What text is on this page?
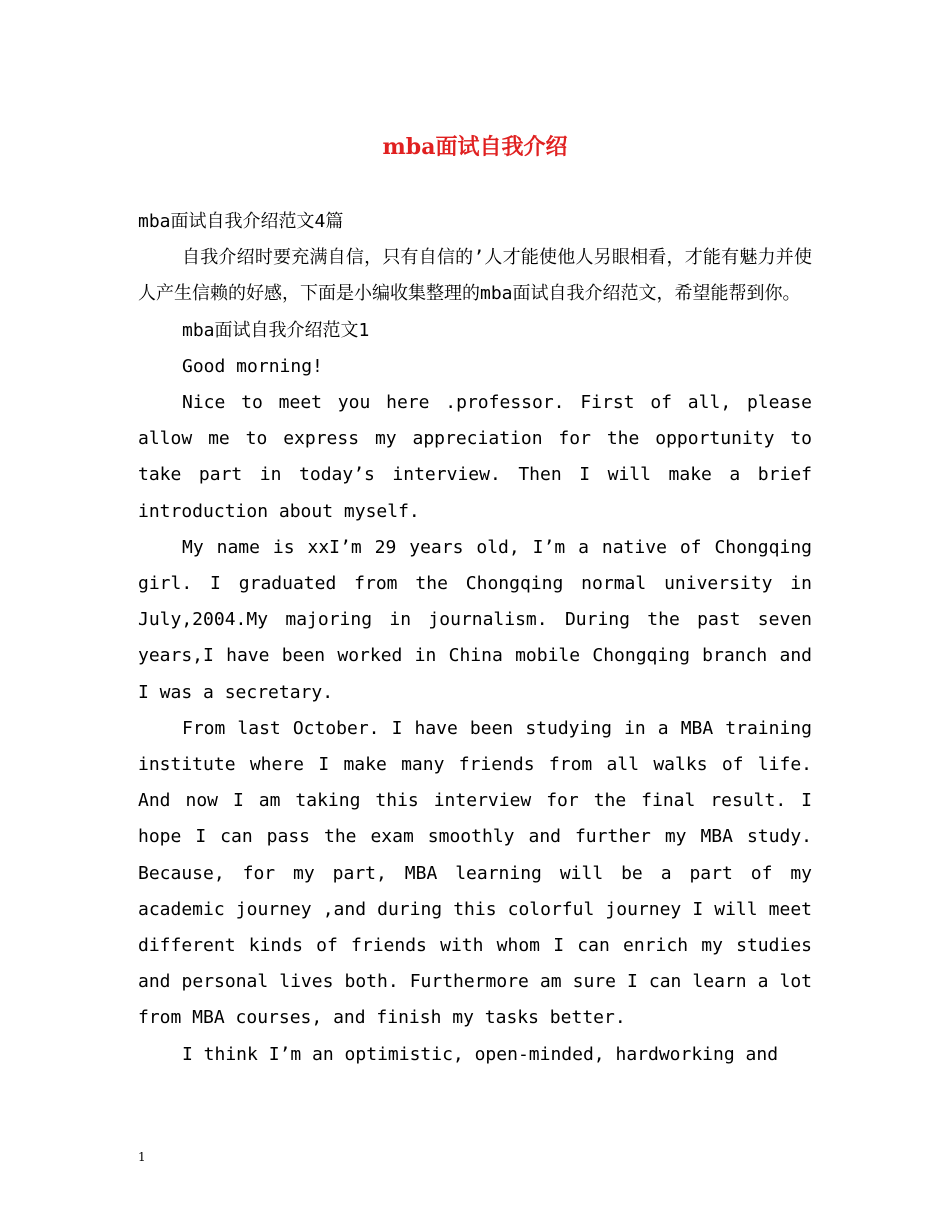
mba面试自我介绍

mba面试自我介绍范文4篇

自我介绍时要充满自信，只有自信的’人才能使他人另眼相看，才能有魅力并使人产生信赖的好感，下面是小编收集整理的mba面试自我介绍范文，希望能帮到你。

mba面试自我介绍范文1

Good morning!

Nice to meet you here .professor. First of all, please allow me to express my appreciation for the opportunity to take part in today’s interview. Then I will make a brief introduction about myself.

My name is xxI’m 29 years old, I’m a native of Chongqing girl. I graduated from the Chongqing normal university in July,2004.My majoring in journalism. During the past seven years,I have been worked in China mobile Chongqing branch and I was a secretary.

From last October. I have been studying in a MBA training institute where I make many friends from all walks of life. And now I am taking this interview for the final result. I hope I can pass the exam smoothly and further my MBA study. Because, for my part, MBA learning will be a part of my academic journey ,and during this colorful journey I will meet different kinds of friends with whom I can enrich my studies and personal lives both. Furthermore am sure I can learn a lot from MBA courses, and finish my tasks better.

I think I’m an optimistic, open-minded, hardworking and

1
